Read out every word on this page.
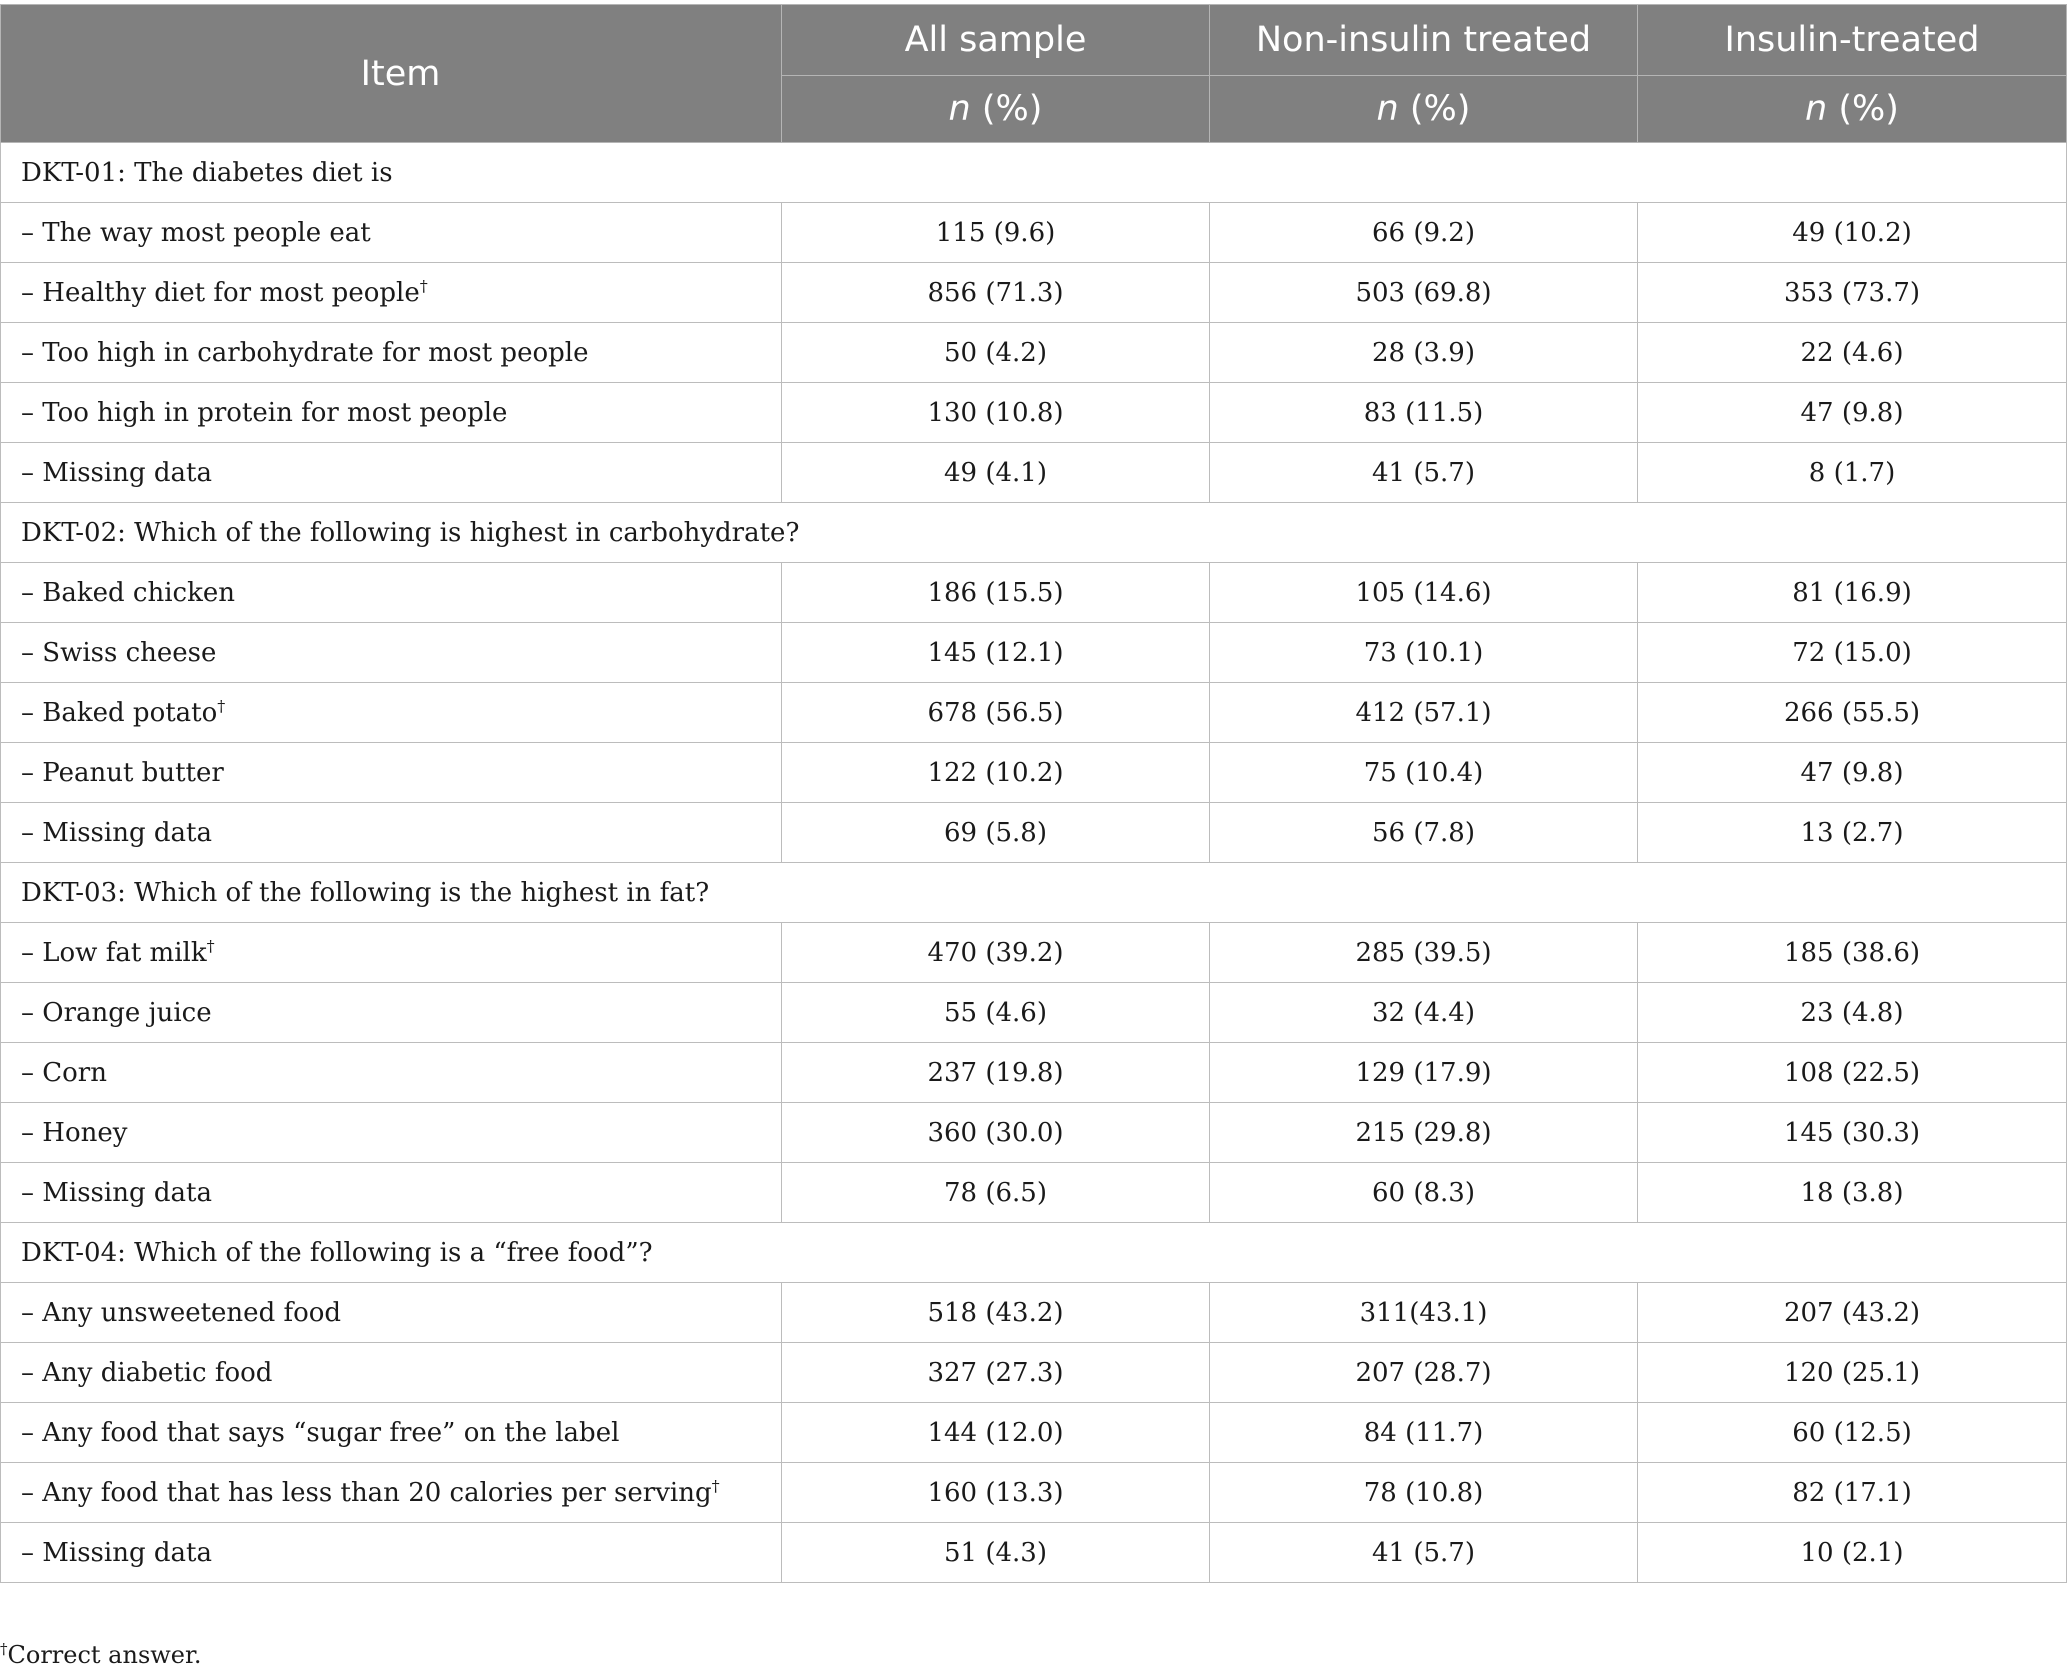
Item	All sample	Non-insulin treated	Insulin-treated
	n (%)	n (%)	n (%)
DKT-01: The diabetes diet is			
– The way most people eat	115 (9.6)	66 (9.2)	49 (10.2)
– Healthy diet for most people†	856 (71.3)	503 (69.8)	353 (73.7)
– Too high in carbohydrate for most people	50 (4.2)	28 (3.9)	22 (4.6)
– Too high in protein for most people	130 (10.8)	83 (11.5)	47 (9.8)
– Missing data	49 (4.1)	41 (5.7)	8 (1.7)
DKT-02: Which of the following is highest in carbohydrate?			
– Baked chicken	186 (15.5)	105 (14.6)	81 (16.9)
– Swiss cheese	145 (12.1)	73 (10.1)	72 (15.0)
– Baked potato†	678 (56.5)	412 (57.1)	266 (55.5)
– Peanut butter	122 (10.2)	75 (10.4)	47 (9.8)
– Missing data	69 (5.8)	56 (7.8)	13 (2.7)
DKT-03: Which of the following is the highest in fat?			
– Low fat milk†	470 (39.2)	285 (39.5)	185 (38.6)
– Orange juice	55 (4.6)	32 (4.4)	23 (4.8)
– Corn	237 (19.8)	129 (17.9)	108 (22.5)
– Honey	360 (30.0)	215 (29.8)	145 (30.3)
– Missing data	78 (6.5)	60 (8.3)	18 (3.8)
DKT-04: Which of the following is a “free food”?			
– Any unsweetened food	518 (43.2)	311(43.1)	207 (43.2)
– Any diabetic food	327 (27.3)	207 (28.7)	120 (25.1)
– Any food that says “sugar free” on the label	144 (12.0)	84 (11.7)	60 (12.5)
– Any food that has less than 20 calories per serving†	160 (13.3)	78 (10.8)	82 (17.1)
– Missing data	51 (4.3)	41 (5.7)	10 (2.1)
†Correct answer.
